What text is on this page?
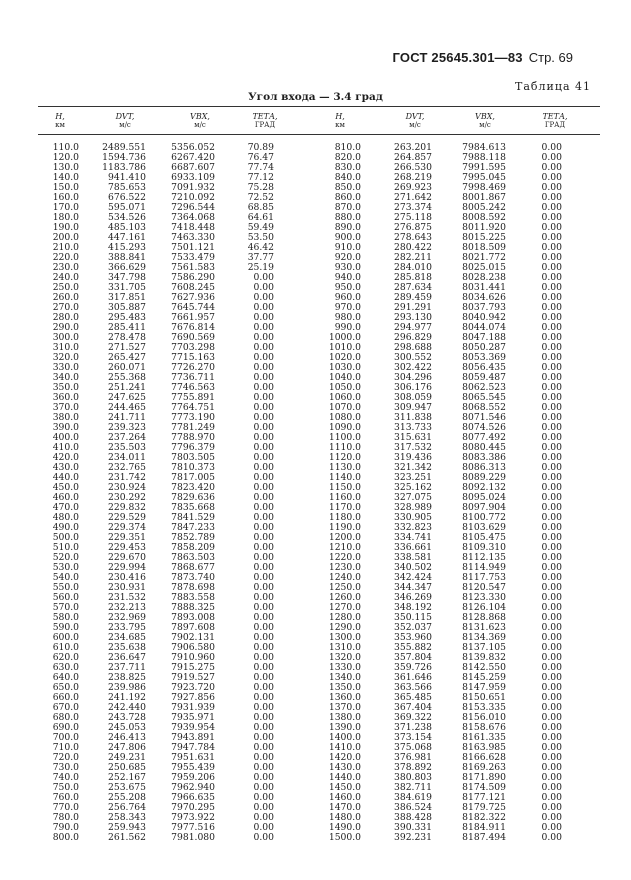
ГОСТ 25645.301—83 Стр. 69
Таблица 41
Угол входа — 3.4 град
Н,
км
DVT,
м/с
VBX,
м/с
ТЕТА,
ГРАД
Н,
км
DVT,
м/с
VBX,
м/с
ТЕТА,
ГРАД
110.0	2489.551	5356.052	70.89	810.0	263.201	7984.613	0.00
120.0	1594.736	6267.420	76.47	820.0	264.857	7988.118	0.00
130.0	1183.786	6687.607	77.74	830.0	266.530	7991.595	0.00
140.0	941.410	6933.109	77.12	840.0	268.219	7995.045	0.00
150.0	785.653	7091.932	75.28	850.0	269.923	7998.469	0.00
160.0	676.522	7210.092	72.52	860.0	271.642	8001.867	0.00
170.0	595.071	7296.544	68.85	870.0	273.374	8005.242	0.00
180.0	534.526	7364.068	64.61	880.0	275.118	8008.592	0.00
190.0	485.103	7418.448	59.49	890.0	276.875	8011.920	0.00
200.0	447.161	7463.330	53.50	900.0	278.643	8015.225	0.00
210.0	415.293	7501.121	46.42	910.0	280.422	8018.509	0.00
220.0	388.841	7533.479	37.77	920.0	282.211	8021.772	0.00
230.0	366.629	7561.583	25.19	930.0	284.010	8025.015	0.00
240.0	347.798	7586.290	0.00	940.0	285.818	8028.238	0.00
250.0	331.705	7608.245	0.00	950.0	287.634	8031.441	0.00
260.0	317.851	7627.936	0.00	960.0	289.459	8034.626	0.00
270.0	305.887	7645.744	0.00	970.0	291.291	8037.793	0.00
280.0	295.483	7661.957	0.00	980.0	293.130	8040.942	0.00
290.0	285.411	7676.814	0.00	990.0	294.977	8044.074	0.00
300.0	278.478	7690.569	0.00	1000.0	296.829	8047.188	0.00
310.0	271.527	7703.298	0.00	1010.0	298.688	8050.287	0.00
320.0	265.427	7715.163	0.00	1020.0	300.552	8053.369	0.00
330.0	260.071	7726.270	0.00	1030.0	302.422	8056.435	0.00
340.0	255.368	7736.711	0.00	1040.0	304.296	8059.487	0.00
350.0	251.241	7746.563	0.00	1050.0	306.176	8062.523	0.00
360.0	247.625	7755.891	0.00	1060.0	308.059	8065.545	0.00
370.0	244.465	7764.751	0.00	1070.0	309.947	8068.552	0.00
380.0	241.711	7773.190	0.00	1080.0	311.838	8071.546	0.00
390.0	239.323	7781.249	0.00	1090.0	313.733	8074.526	0.00
400.0	237.264	7788.970	0.00	1100.0	315.631	8077.492	0.00
410.0	235.503	7796.379	0.00	1110.0	317.532	8080.445	0.00
420.0	234.011	7803.505	0.00	1120.0	319.436	8083.386	0.00
430.0	232.765	7810.373	0.00	1130.0	321.342	8086.313	0.00
440.0	231.742	7817.005	0.00	1140.0	323.251	8089.229	0.00
450.0	230.924	7823.420	0.00	1150.0	325.162	8092.132	0.00
460.0	230.292	7829.636	0.00	1160.0	327.075	8095.024	0.00
470.0	229.832	7835.668	0.00	1170.0	328.989	8097.904	0.00
480.0	229.529	7841.529	0.00	1180.0	330.905	8100.772	0.00
490.0	229.374	7847.233	0.00	1190.0	332.823	8103.629	0.00
500.0	229.351	7852.789	0.00	1200.0	334.741	8105.475	0.00
510.0	229.453	7858.209	0.00	1210.0	336.661	8109.310	0.00
520.0	229.670	7863.503	0.00	1220.0	338.581	8112.135	0.00
530.0	229.994	7868.677	0.00	1230.0	340.502	8114.949	0.00
540.0	230.416	7873.740	0.00	1240.0	342.424	8117.753	0.00
550.0	230.931	7878.698	0.00	1250.0	344.347	8120.547	0.00
560.0	231.532	7883.558	0.00	1260.0	346.269	8123.330	0.00
570.0	232.213	7888.325	0.00	1270.0	348.192	8126.104	0.00
580.0	232.969	7893.008	0.00	1280.0	350.115	8128.868	0.00
590.0	233.795	7897.608	0.00	1290.0	352.037	8131.623	0.00
600.0	234.685	7902.131	0.00	1300.0	353.960	8134.369	0.00
610.0	235.638	7906.580	0.00	1310.0	355.882	8137.105	0.00
620.0	236.647	7910.960	0.00	1320.0	357.804	8139.832	0.00
630.0	237.711	7915.275	0.00	1330.0	359.726	8142.550	0.00
640.0	238.825	7919.527	0.00	1340.0	361.646	8145.259	0.00
650.0	239.986	7923.720	0.00	1350.0	363.566	8147.959	0.00
660.0	241.192	7927.856	0.00	1360.0	365.485	8150.651	0.00
670.0	242.440	7931.939	0.00	1370.0	367.404	8153.335	0.00
680.0	243.728	7935.971	0.00	1380.0	369.322	8156.010	0.00
690.0	245.053	7939.954	0.00	1390.0	371.238	8158.676	0.00
700.0	246.413	7943.891	0.00	1400.0	373.154	8161.335	0.00
710.0	247.806	7947.784	0.00	1410.0	375.068	8163.985	0.00
720.0	249.231	7951.631	0.00	1420.0	376.981	8166.628	0.00
730.0	250.685	7955.439	0.00	1430.0	378.892	8169.263	0.00
740.0	252.167	7959.206	0.00	1440.0	380.803	8171.890	0.00
750.0	253.675	7962.940	0.00	1450.0	382.711	8174.509	0.00
760.0	255.208	7966.635	0.00	1460.0	384.619	8177.121	0.00
770.0	256.764	7970.295	0.00	1470.0	386.524	8179.725	0.00
780.0	258.343	7973.922	0.00	1480.0	388.428	8182.322	0.00
790.0	259.943	7977.516	0.00	1490.0	390.331	8184.911	0.00
800.0	261.562	7981.080	0.00	1500.0	392.231	8187.494	0.00
